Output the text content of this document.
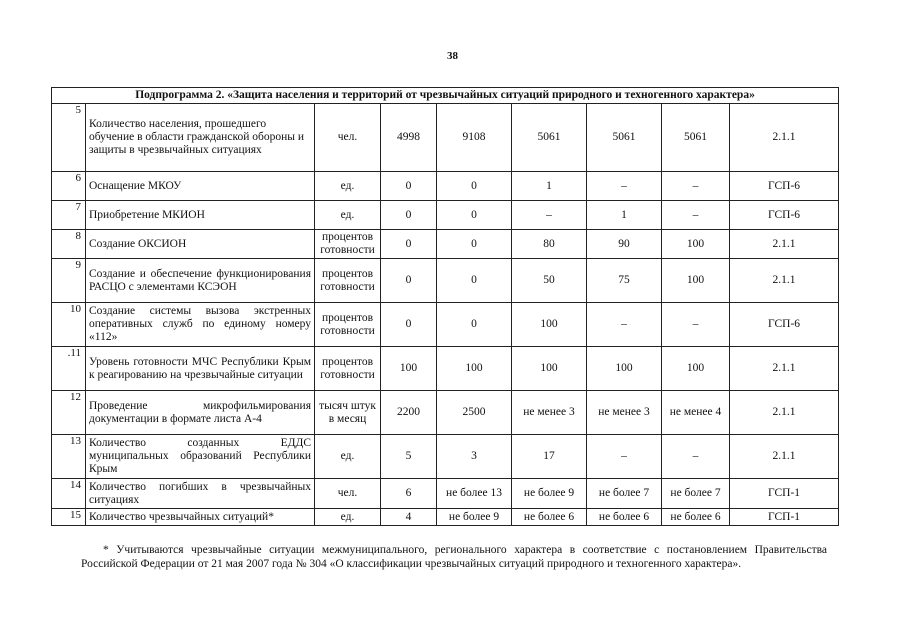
38
Подпрограмма 2. «Защита населения и территорий от чрезвычайных ситуаций природного и техногенного характера»								
5	Количество населения, прошедшего обучение в области гражданской обороны и защиты в чрезвычайных ситуациях	чел.	4998	9108	5061	5061	5061	2.1.1
6	Оснащение МКОУ	ед.	0	0	1	–	–	ГСП-6
7	Приобретение МКИОН	ед.	0	0	–	1	–	ГСП-6
8	Создание ОКСИОН	процентов готовности	0	0	80	90	100	2.1.1
9	Создание и обеспечение функционирования РАСЦО с элементами КСЭОН	процентов готовности	0	0	50	75	100	2.1.1
10	Создание системы вызова экстренных оперативных служб по единому номеру «112»	процентов готовности	0	0	100	–	–	ГСП-6
.11	Уровень готовности МЧС Республики Крым к реагированию на чрезвычайные ситуации	процентов готовности	100	100	100	100	100	2.1.1
12	Проведение микрофильмирования документации в формате листа А-4	тысяч штук в месяц	2200	2500	не менее 3	не менее 3	не менее 4	2.1.1
13	Количество созданных ЕДДС муниципальных образований Республики Крым	ед.	5	3	17	–	–	2.1.1
14	Количество погибших в чрезвычайных ситуациях	чел.	6	не более 13	не более 9	не более 7	не более 7	ГСП-1
15	Количество чрезвычайных ситуаций*	ед.	4	не более 9	не более 6	не более 6	не более 6	ГСП-1
* Учитываются чрезвычайные ситуации межмуниципального, регионального характера в соответствие с постановлением Правительства Российской Федерации от 21 мая 2007 года № 304 «О классификации чрезвычайных ситуаций природного и техногенного характера».
